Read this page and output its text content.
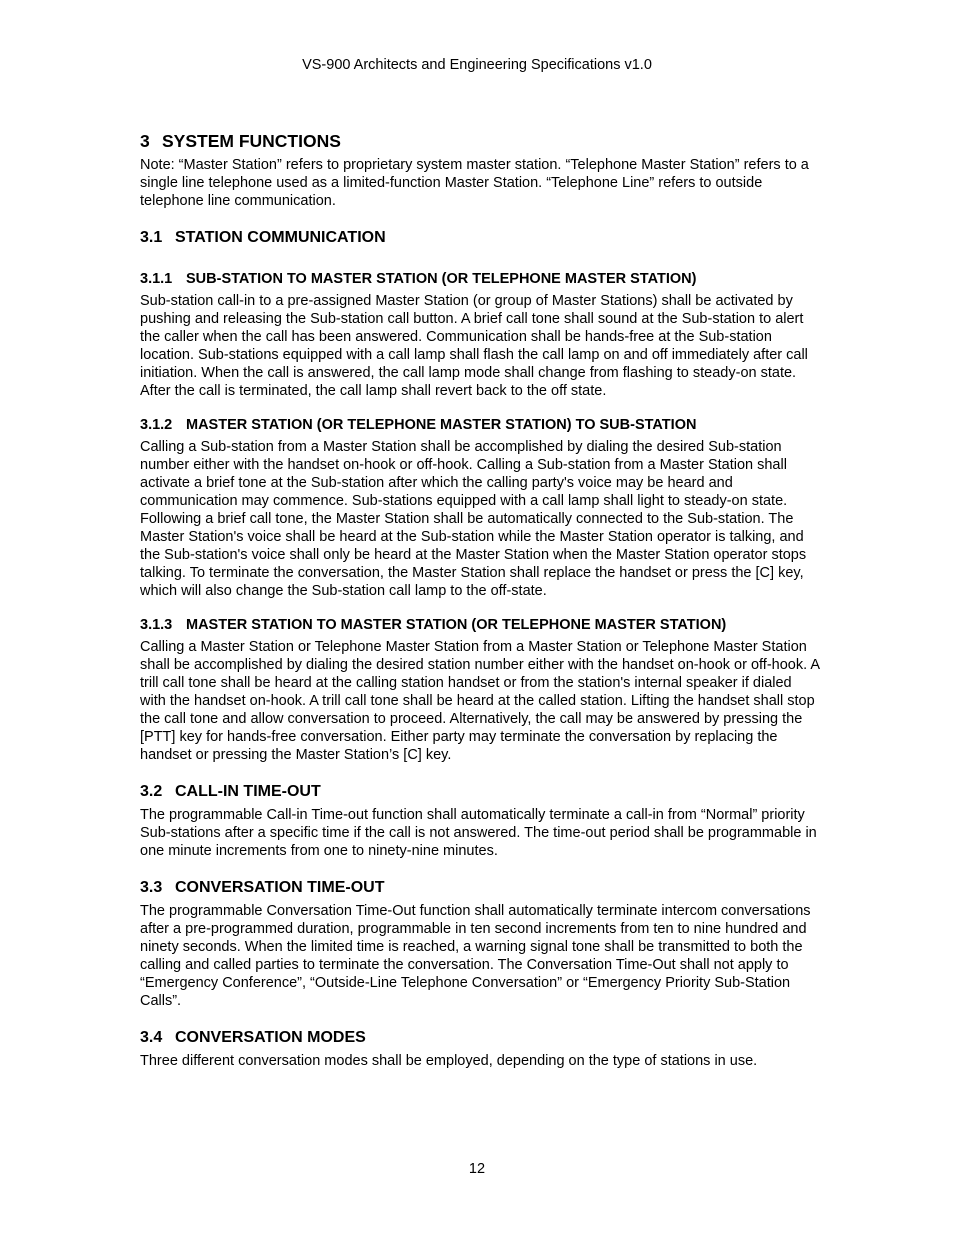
VS-900 Architects and Engineering Specifications v1.0
3 SYSTEM FUNCTIONS

Note: “Master Station” refers to proprietary system master station. “Telephone Master Station” refers to a single line telephone used as a limited-function Master Station. “Telephone Line” refers to outside telephone line communication.

3.1 STATION COMMUNICATION
3.1.1 SUB-STATION TO MASTER STATION (OR TELEPHONE MASTER STATION)

Sub-station call-in to a pre-assigned Master Station (or group of Master Stations) shall be activated by pushing and releasing the Sub-station call button. A brief call tone shall sound at the Sub-station to alert the caller when the call has been answered. Communication shall be hands-free at the Sub-station location. Sub-stations equipped with a call lamp shall flash the call lamp on and off immediately after call initiation. When the call is answered, the call lamp mode shall change from flashing to steady-on state. After the call is terminated, the call lamp shall revert back to the off state.

3.1.2 MASTER STATION (OR TELEPHONE MASTER STATION) TO SUB-STATION

Calling a Sub-station from a Master Station shall be accomplished by dialing the desired Sub-station number either with the handset on-hook or off-hook. Calling a Sub-station from a Master Station shall activate a brief tone at the Sub-station after which the calling party's voice may be heard and communication may commence. Sub-stations equipped with a call lamp shall light to steady-on state. Following a brief call tone, the Master Station shall be automatically connected to the Sub-station. The Master Station's voice shall be heard at the Sub-station while the Master Station operator is talking, and the Sub-station's voice shall only be heard at the Master Station when the Master Station operator stops talking. To terminate the conversation, the Master Station shall replace the handset or press the [C] key, which will also change the Sub-station call lamp to the off-state.

3.1.3 MASTER STATION TO MASTER STATION (OR TELEPHONE MASTER STATION)

Calling a Master Station or Telephone Master Station from a Master Station or Telephone Master Station shall be accomplished by dialing the desired station number either with the handset on-hook or off-hook. A trill call tone shall be heard at the calling station handset or from the station's internal speaker if dialed with the handset on-hook. A trill call tone shall be heard at the called station. Lifting the handset shall stop the call tone and allow conversation to proceed. Alternatively, the call may be answered by pressing the [PTT] key for hands-free conversation. Either party may terminate the conversation by replacing the handset or pressing the Master Station’s [C] key.

3.2 CALL-IN TIME-OUT

The programmable Call-in Time-out function shall automatically terminate a call-in from “Normal” priority Sub-stations after a specific time if the call is not answered. The time-out period shall be programmable in one minute increments from one to ninety-nine minutes.

3.3 CONVERSATION TIME-OUT

The programmable Conversation Time-Out function shall automatically terminate intercom conversations after a pre-programmed duration, programmable in ten second increments from ten to nine hundred and ninety seconds. When the limited time is reached, a warning signal tone shall be transmitted to both the calling and called parties to terminate the conversation. The Conversation Time-Out shall not apply to “Emergency Conference”, “Outside-Line Telephone Conversation” or “Emergency Priority Sub-Station Calls”.

3.4 CONVERSATION MODES

Three different conversation modes shall be employed, depending on the type of stations in use.

12
